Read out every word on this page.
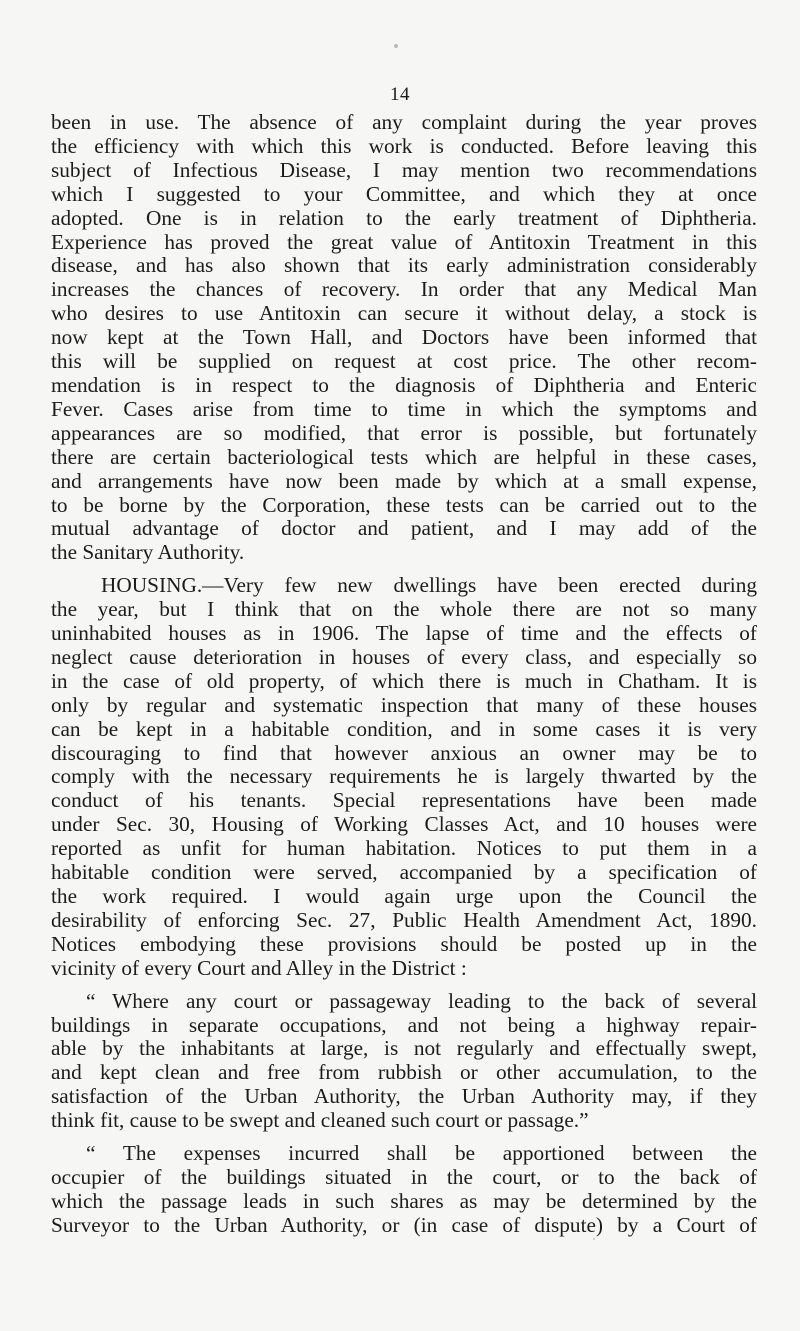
14
been in use. The absence of any complaint during the year proves
the efficiency with which this work is conducted. Before leaving this
subject of Infectious Disease, I may mention two recommendations
which I suggested to your Committee, and which they at once
adopted. One is in relation to the early treatment of Diphtheria.
Experience has proved the great value of Antitoxin Treatment in this
disease, and has also shown that its early administration considerably
increases the chances of recovery. In order that any Medical Man
who desires to use Antitoxin can secure it without delay, a stock is
now kept at the Town Hall, and Doctors have been informed that
this will be supplied on request at cost price. The other recom-
mendation is in respect to the diagnosis of Diphtheria and Enteric
Fever. Cases arise from time to time in which the symptoms and
appearances are so modified, that error is possible, but fortunately
there are certain bacteriological tests which are helpful in these cases,
and arrangements have now been made by which at a small expense,
to be borne by the Corporation, these tests can be carried out to the
mutual advantage of doctor and patient, and I may add of the
the Sanitary Authority.
HOUSING.—Very few new dwellings have been erected during
the year, but I think that on the whole there are not so many
uninhabited houses as in 1906. The lapse of time and the effects of
neglect cause deterioration in houses of every class, and especially so
in the case of old property, of which there is much in Chatham. It is
only by regular and systematic inspection that many of these houses
can be kept in a habitable condition, and in some cases it is very
discouraging to find that however anxious an owner may be to
comply with the necessary requirements he is largely thwarted by the
conduct of his tenants. Special representations have been made
under Sec. 30, Housing of Working Classes Act, and 10 houses were
reported as unfit for human habitation. Notices to put them in a
habitable condition were served, accompanied by a specification of
the work required. I would again urge upon the Council the
desirability of enforcing Sec. 27, Public Health Amendment Act, 1890.
Notices embodying these provisions should be posted up in the
vicinity of every Court and Alley in the District :
“ Where any court or passageway leading to the back of several
buildings in separate occupations, and not being a highway repair-
able by the inhabitants at large, is not regularly and effectually swept,
and kept clean and free from rubbish or other accumulation, to the
satisfaction of the Urban Authority, the Urban Authority may, if they
think fit, cause to be swept and cleaned such court or passage.”
“ The expenses incurred shall be apportioned between the
occupier of the buildings situated in the court, or to the back of
which the passage leads in such shares as may be determined by the
Surveyor to the Urban Authority, or (in case of dispute) by a Court of
